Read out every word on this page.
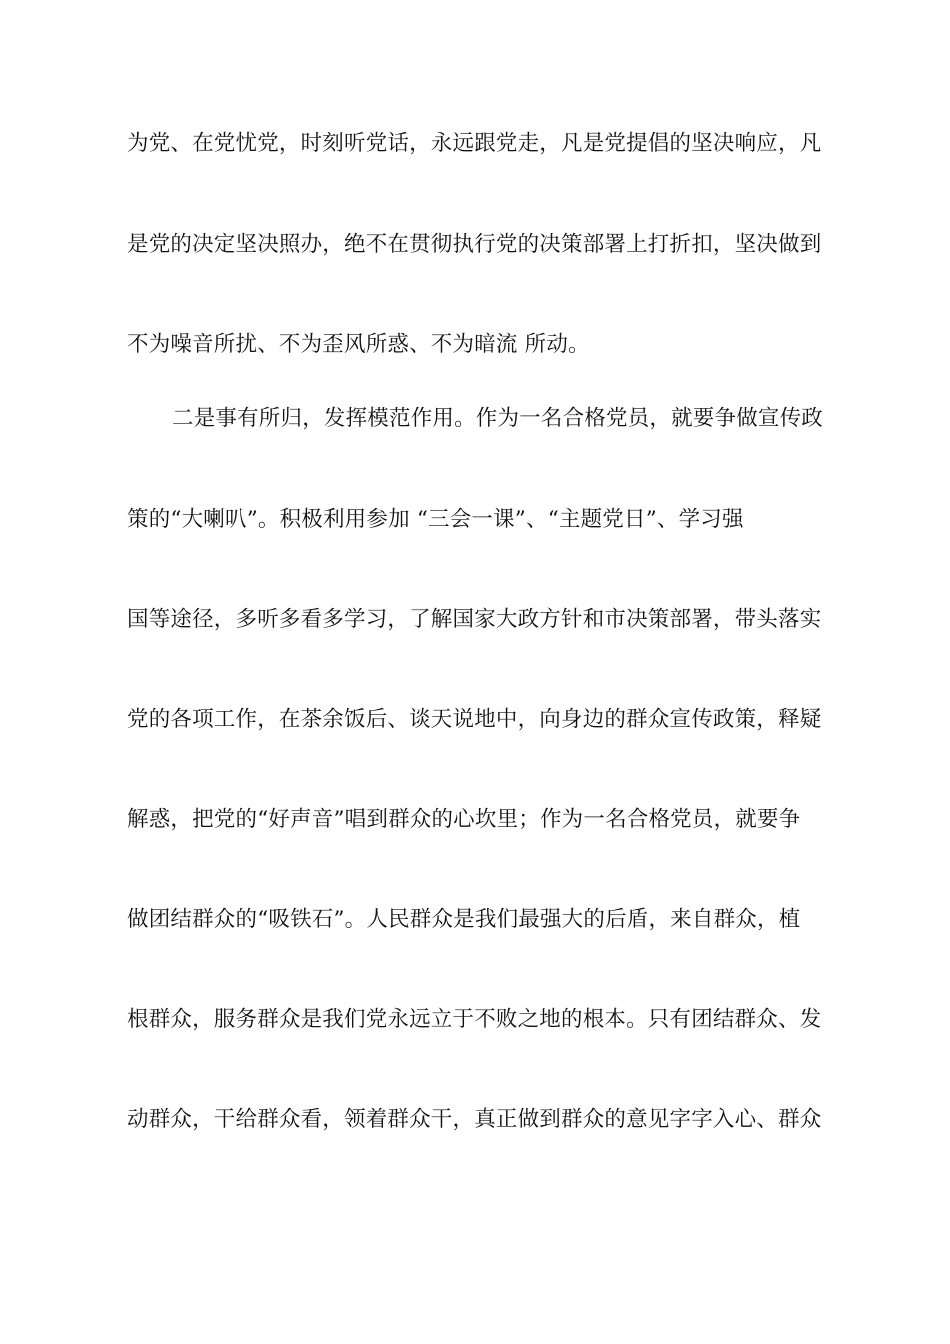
为党、在党忧党，时刻听党话，永远跟党走，凡是党提倡的坚决响应，凡
是党的决定坚决照办，绝不在贯彻执行党的决策部署上打折扣，坚决做到
不为噪音所扰、不为歪风所惑、不为暗流 所动。
二是事有所归，发挥模范作用。作为一名合格党员，就要争做宣传政
策的“大喇叭”。积极利用参加 “三会一课”、“主题党日”、学习强
国等途径，多听多看多学习，了解国家大政方针和市决策部署，带头落实
党的各项工作，在茶余饭后、谈天说地中，向身边的群众宣传政策，释疑
解惑，把党的“好声音”唱到群众的心坎里；作为一名合格党员，就要争
做团结群众的“吸铁石”。人民群众是我们最强大的后盾，来自群众，植
根群众，服务群众是我们党永远立于不败之地的根本。只有团结群众、发
动群众，干给群众看，领着群众干，真正做到群众的意见字字入心、群众
